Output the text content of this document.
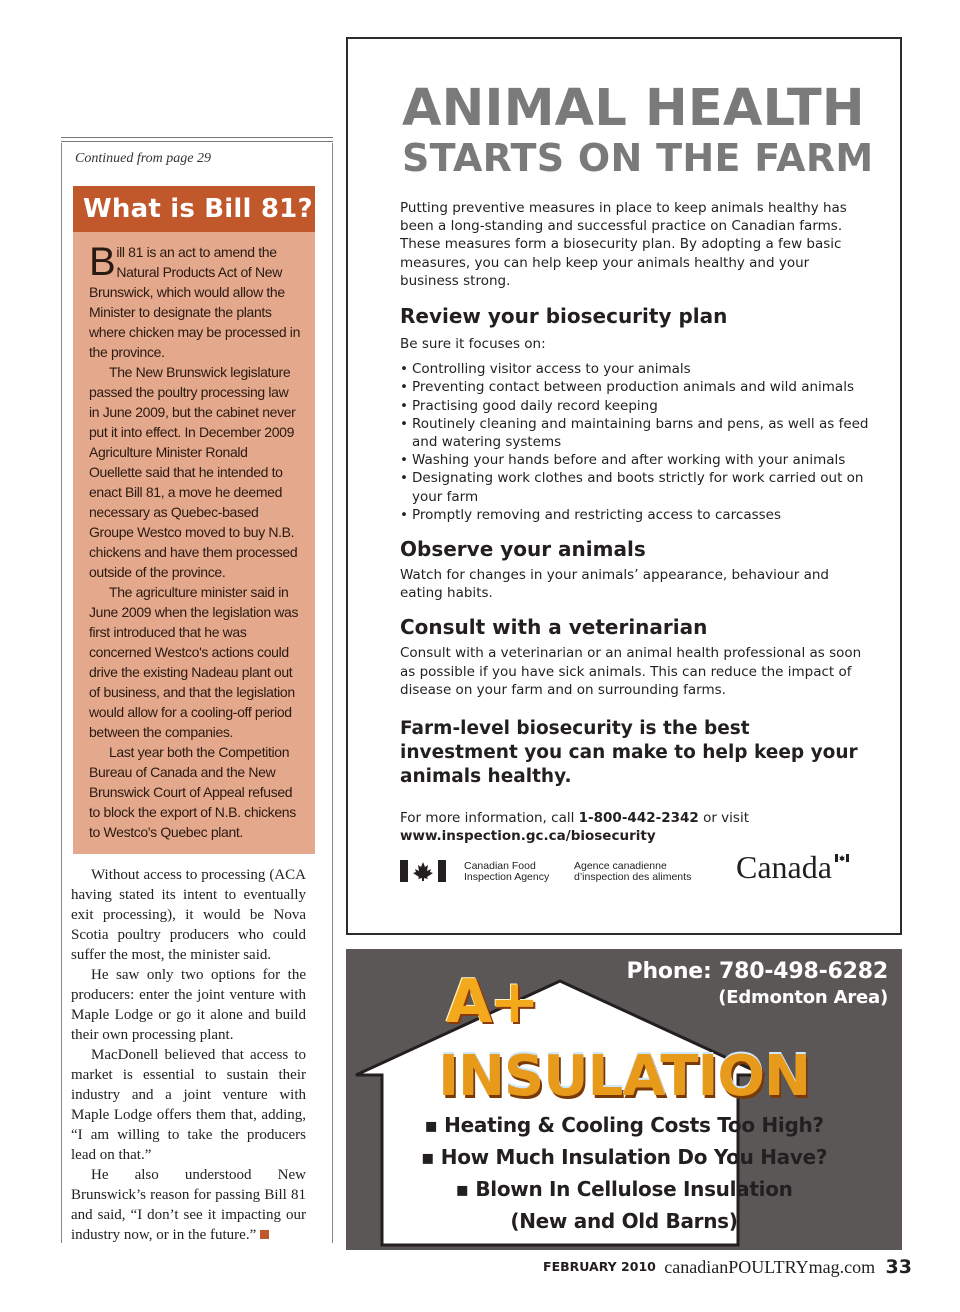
Continued from page 29
What is Bill 81?

Bill 81 is an act to amend the Natural Products Act of New Brunswick, which would allow the Minister to designate the plants where chicken may be processed in the province.

The New Brunswick legislature passed the poultry processing law in June 2009, but the cabinet never put it into effect. In December 2009 Agriculture Minister Ronald Ouellette said that he intended to enact Bill 81, a move he deemed necessary as Quebec-based Groupe Westco moved to buy N.B. chickens and have them processed outside of the province.

The agriculture minister said in June 2009 when the legislation was first introduced that he was concerned Westco's actions could drive the existing Nadeau plant out of business, and that the legislation would allow for a cooling-off period between the companies.

Last year both the Competition Bureau of Canada and the New Brunswick Court of Appeal refused to block the export of N.B. chickens to Westco's Quebec plant.

Without access to processing (ACA having stated its intent to eventually exit processing), it would be Nova Scotia poultry producers who could suffer the most, the minister said.

He saw only two options for the producers: enter the joint venture with Maple Lodge or go it alone and build their own processing plant.

MacDonell believed that access to market is essential to sustain their industry and a joint venture with Maple Lodge offers them that, adding, “I am willing to take the producers lead on that.”

He also understood New Brunswick’s reason for passing Bill 81 and said, “I don’t see it impacting our industry now, or in the future.”

ANIMAL HEALTH
STARTS ON THE FARM

Putting preventive measures in place to keep animals healthy has been a long-standing and successful practice on Canadian farms. These measures form a biosecurity plan. By adopting a few basic measures, you can help keep your animals healthy and your business strong.

Review your biosecurity plan

Be sure it focuses on:

• Controlling visitor access to your animals
• Preventing contact between production animals and wild animals
• Practising good daily record keeping
• Routinely cleaning and maintaining barns and pens, as well as feed and watering systems
• Washing your hands before and after working with your animals
• Designating work clothes and boots strictly for work carried out on your farm
• Promptly removing and restricting access to carcasses
Observe your animals

Watch for changes in your animals’ appearance, behaviour and eating habits.

Consult with a veterinarian

Consult with a veterinarian or an animal health professional as soon as possible if you have sick animals. This can reduce the impact of disease on your farm and on surrounding farms.

Farm-level biosecurity is the best investment you can make to help keep your animals healthy.

For more information, call 1-800-442-2342 or visit
www.inspection.gc.ca/biosecurity

Canadian Food
Inspection Agency
Agence canadienne
d’inspection des aliments Canada
Phone: 780-498-6282
(Edmonton Area)
A+
INSULATION
▪ Heating & Cooling Costs Too High?
▪ How Much Insulation Do You Have?
▪ Blown In Cellulose Insulation
(New and Old Barns)
FEBRUARY 2010 canadianPOULTRYmag.com 33
